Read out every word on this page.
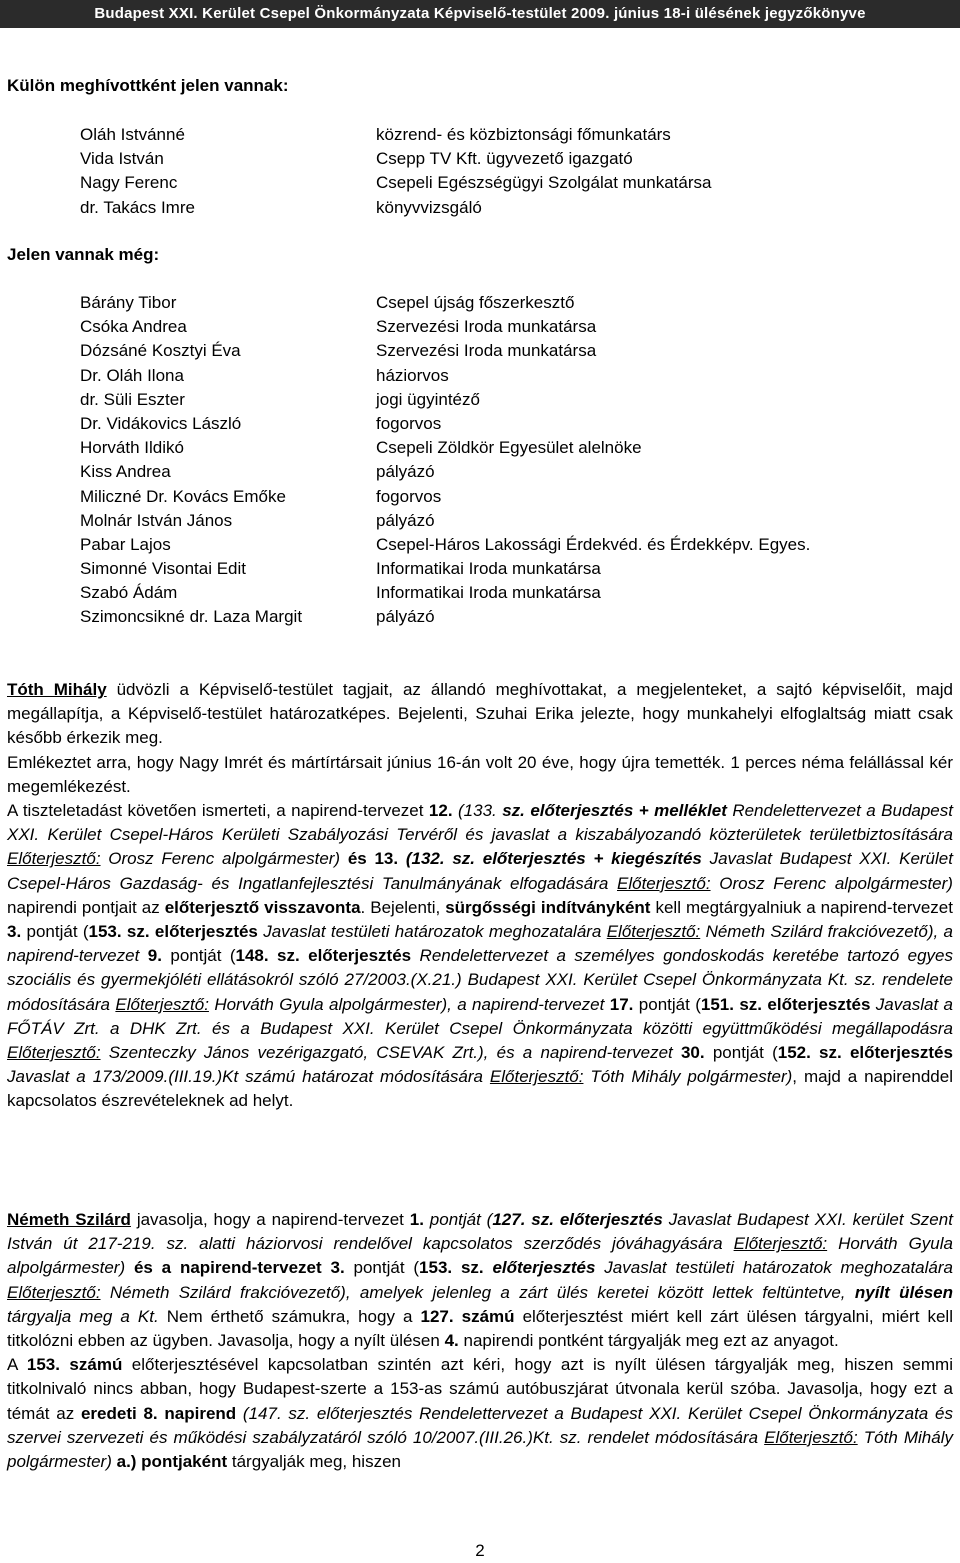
Budapest XXI. Kerület Csepel Önkormányzata Képviselő-testület 2009. június 18-i ülésének jegyzőkönyve
Külön meghívottként jelen vannak:
Oláh Istvánné	közrend- és közbiztonsági főmunkatárs
Vida István	Csepp TV Kft. ügyvezető igazgató
Nagy Ferenc	Csepeli Egészségügyi Szolgálat munkatársa
dr. Takács Imre	könyvvizsgáló
Jelen vannak még:
Bárány Tibor	Csepel újság főszerkesztő
Csóka Andrea	Szervezési Iroda munkatársa
Dózsáné Kosztyi Éva	Szervezési Iroda munkatársa
Dr. Oláh Ilona	háziorvos
dr. Süli Eszter	jogi ügyintéző
Dr. Vidákovics László	fogorvos
Horváth Ildikó	Csepeli Zöldkör Egyesület alelnöke
Kiss Andrea	pályázó
Miliczné Dr. Kovács Emőke	fogorvos
Molnár István János	pályázó
Pabar Lajos	Csepel-Háros Lakossági Érdekvéd. és Érdekképv. Egyes.
Simonné Visontai Edit	Informatikai Iroda munkatársa
Szabó Ádám	Informatikai Iroda munkatársa
Szimoncsikné dr. Laza Margit	pályázó

Tóth Mihály üdvözli a Képviselő-testület tagjait, az állandó meghívottakat, a megjelenteket, a sajtó képviselőit, majd megállapítja, a Képviselő-testület határozatképes. Bejelenti, Szuhai Erika jelezte, hogy munkahelyi elfoglaltság miatt csak később érkezik meg.

Emlékeztet arra, hogy Nagy Imrét és mártírtársait június 16-án volt 20 éve, hogy újra temették. 1 perces néma felállással kér megemlékezést.

A tiszteletadást követően ismerteti, a napirend-tervezet 12. (133. sz. előterjesztés + melléklet Rendelettervezet a Budapest XXI. Kerület Csepel-Háros Kerületi Szabályozási Tervéről és javaslat a kiszabályozandó közterületek területbiztosítására Előterjesztő: Orosz Ferenc alpolgármester) és 13. (132. sz. előterjesztés + kiegészítés Javaslat Budapest XXI. Kerület Csepel-Háros Gazdaság- és Ingatlanfejlesztési Tanulmányának elfogadására Előterjesztő: Orosz Ferenc alpolgármester) napirendi pontjait az előterjesztő visszavonta. Bejelenti, sürgősségi indítványként kell megtárgyalniuk a napirend-tervezet 3. pontját (153. sz. előterjesztés Javaslat testületi határozatok meghozatalára Előterjesztő: Németh Szilárd frakcióvezető), a napirend-tervezet 9. pontját (148. sz. előterjesztés Rendelettervezet a személyes gondoskodás keretébe tartozó egyes szociális és gyermekjóléti ellátásokról szóló 27/2003.(X.21.) Budapest XXI. Kerület Csepel Önkormányzata Kt. sz. rendelete módosítására Előterjesztő: Horváth Gyula alpolgármester), a napirend-tervezet 17. pontját (151. sz. előterjesztés Javaslat a FŐTÁV Zrt. a DHK Zrt. és a Budapest XXI. Kerület Csepel Önkormányzata közötti együttműködési megállapodásra Előterjesztő: Szenteczky János vezérigazgató, CSEVAK Zrt.), és a napirend-tervezet 30. pontját (152. sz. előterjesztés Javaslat a 173/2009.(III.19.)Kt számú határozat módosítására Előterjesztő: Tóth Mihály polgármester), majd a napirenddel kapcsolatos észrevételeknek ad helyt.

Németh Szilárd javasolja, hogy a napirend-tervezet 1. pontját (127. sz. előterjesztés Javaslat Budapest XXI. kerület Szent István út 217-219. sz. alatti háziorvosi rendelővel kapcsolatos szerződés jóváhagyására Előterjesztő: Horváth Gyula alpolgármester) és a napirend-tervezet 3. pontját (153. sz. előterjesztés Javaslat testületi határozatok meghozatalára Előterjesztő: Németh Szilárd frakcióvezető), amelyek jelenleg a zárt ülés keretei között lettek feltüntetve, nyílt ülésen tárgyalja meg a Kt. Nem érthető számukra, hogy a 127. számú előterjesztést miért kell zárt ülésen tárgyalni, miért kell titkolózni ebben az ügyben. Javasolja, hogy a nyílt ülésen 4. napirendi pontként tárgyalják meg ezt az anyagot.

A 153. számú előterjesztésével kapcsolatban szintén azt kéri, hogy azt is nyílt ülésen tárgyalják meg, hiszen semmi titkolnivaló nincs abban, hogy Budapest-szerte a 153-as számú autóbuszjárat útvonala kerül szóba. Javasolja, hogy ezt a témát az eredeti 8. napirend (147. sz. előterjesztés Rendelettervezet a Budapest XXI. Kerület Csepel Önkormányzata és szervei szervezeti és működési szabályzatáról szóló 10/2007.(III.26.)Kt. sz. rendelet módosítására Előterjesztő: Tóth Mihály polgármester) a.) pontjaként tárgyalják meg, hiszen

2
